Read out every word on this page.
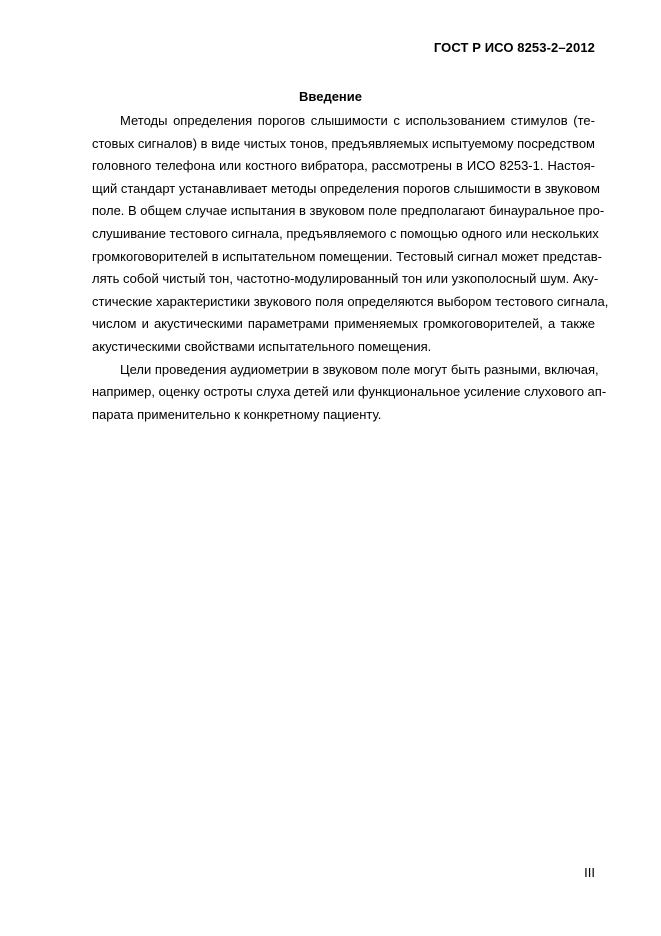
ГОСТ Р ИСО 8253-2–2012
Введение
Методы определения порогов слышимости с использованием стимулов (те-
стовых сигналов) в виде чистых тонов, предъявляемых испытуемому посредством
головного телефона или костного вибратора, рассмотрены в ИСО 8253-1. Настоя-
щий стандарт устанавливает методы определения порогов слышимости в звуковом
поле. В общем случае испытания в звуковом поле предполагают бинауральное про-
слушивание тестового сигнала, предъявляемого с помощью одного или нескольких
громкоговорителей в испытательном помещении. Тестовый сигнал может представ-
лять собой чистый тон, частотно-модулированный тон или узкополосный шум. Аку-
стические характеристики звукового поля определяются выбором тестового сигнала,
числом и акустическими параметрами применяемых громкоговорителей, а также
акустическими свойствами испытательного помещения.
Цели проведения аудиометрии в звуковом поле могут быть разными, включая,
например, оценку остроты слуха детей или функциональное усиление слухового ап-
парата применительно к конкретному пациенту.
III
